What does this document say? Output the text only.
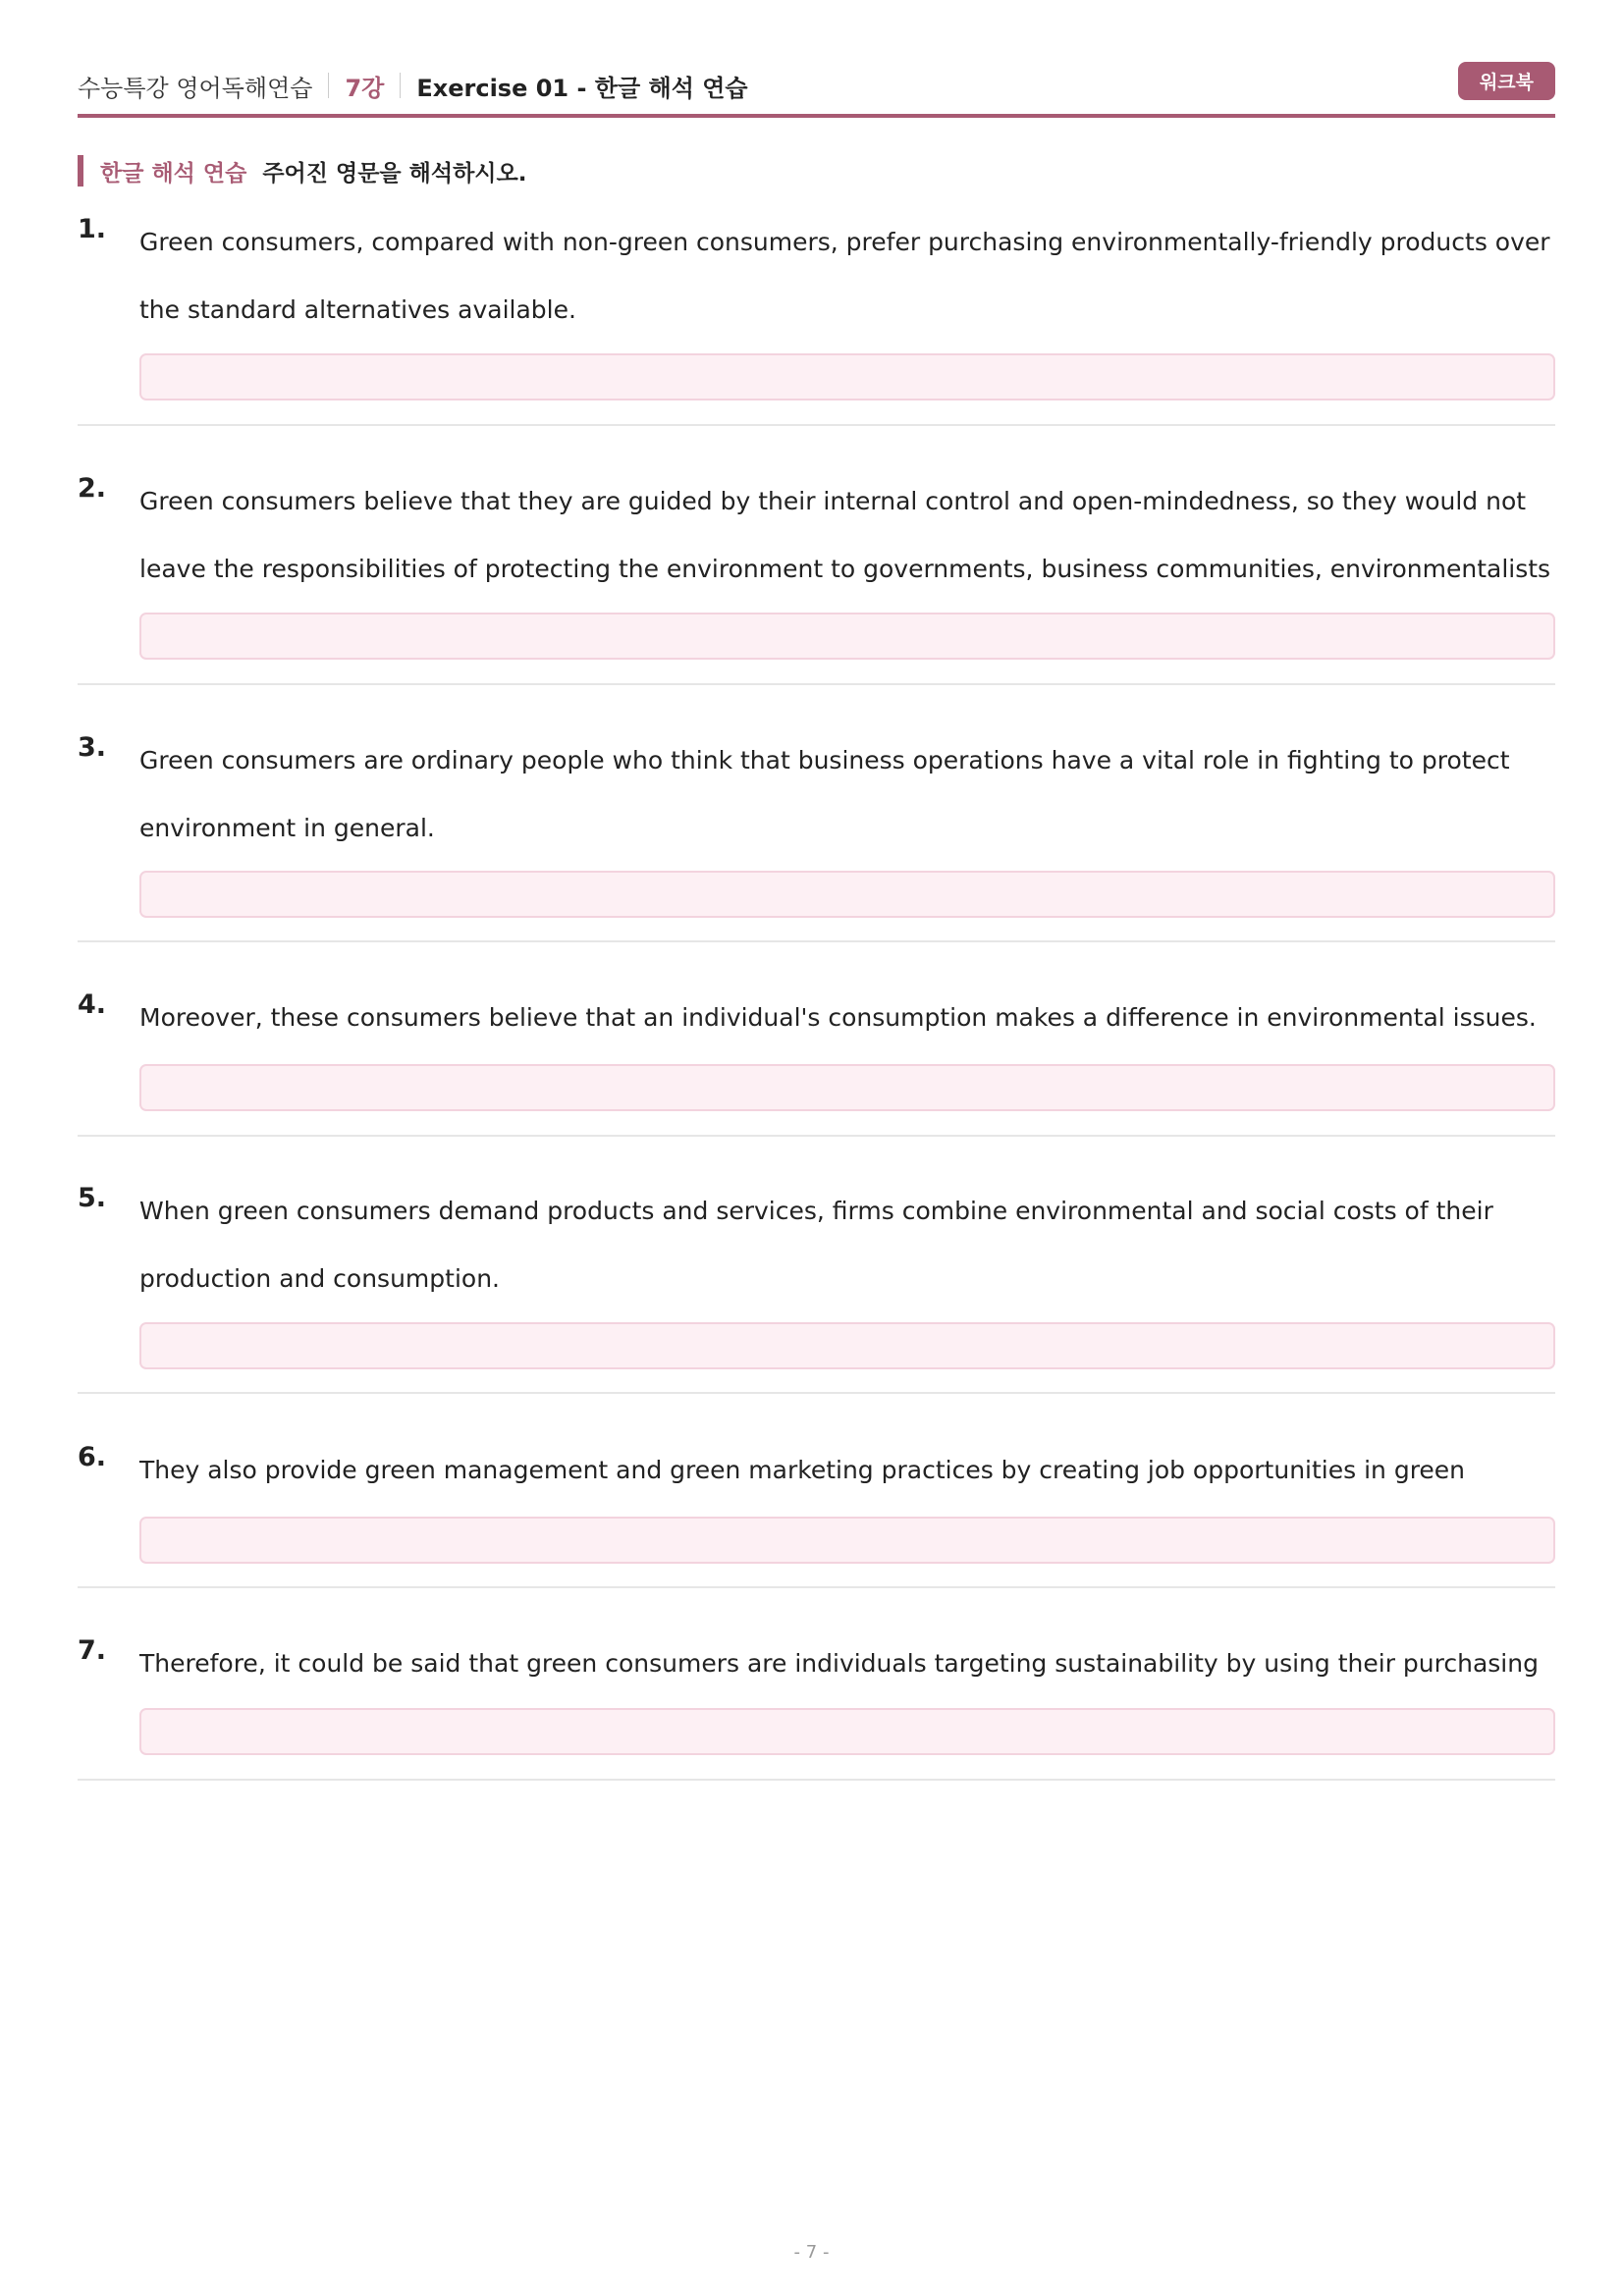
수능특강 영어독해연습 7강 Exercise 01 - 한글 해석 연습	워크북
한글 해석 연습 주어진 영문을 해석하시오.
1. Green consumers, compared with non-green consumers, prefer purchasing environmentally-friendly products over the standard alternatives available.
2. Green consumers believe that they are guided by their internal control and open-mindedness, so they would not leave the responsibilities of protecting the environment to governments, business communities, environmentalists
3. Green consumers are ordinary people who think that business operations have a vital role in fighting to protect environment in general.
4. Moreover, these consumers believe that an individual's consumption makes a difference in environmental issues.
5. When green consumers demand products and services, firms combine environmental and social costs of their production and consumption.
6. They also provide green management and green marketing practices by creating job opportunities in green
7. Therefore, it could be said that green consumers are individuals targeting sustainability by using their purchasing
- 7 -
